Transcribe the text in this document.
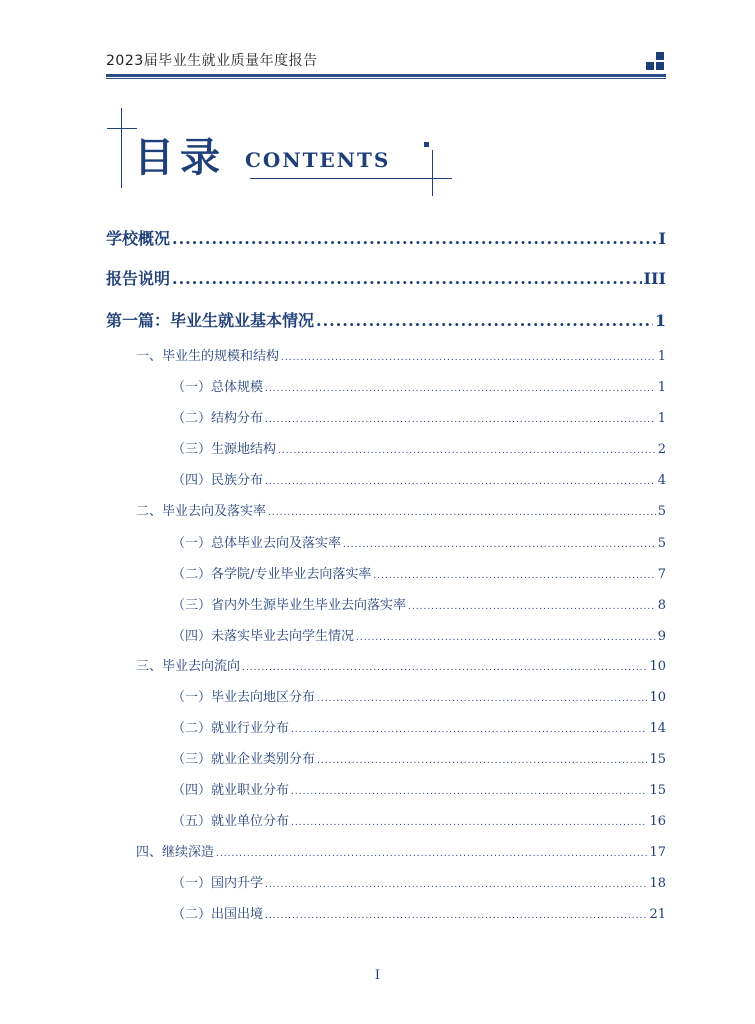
2023届毕业生就业质量年度报告
目录 CONTENTS
学校概况 .....	I
报告说明 .....	III
第一篇：毕业生就业基本情况 .....	1
一、毕业生的规模和结构 .....	1
（一）总体规模 .....	1
（二）结构分布 .....	1
（三）生源地结构 .....	2
（四）民族分布 .....	4
二、毕业去向及落实率 .....	5
（一）总体毕业去向及落实率 .....	5
（二）各学院/专业毕业去向落实率 .....	7
（三）省内外生源毕业生毕业去向落实率 .....	8
（四）未落实毕业去向学生情况 .....	9
三、毕业去向流向 .....	10
（一）毕业去向地区分布 .....	10
（二）就业行业分布 .....	14
（三）就业企业类别分布 .....	15
（四）就业职业分布 .....	15
（五）就业单位分布 .....	16
四、继续深造 .....	17
（一）国内升学 .....	18
（二）出国出境 .....	21
I
